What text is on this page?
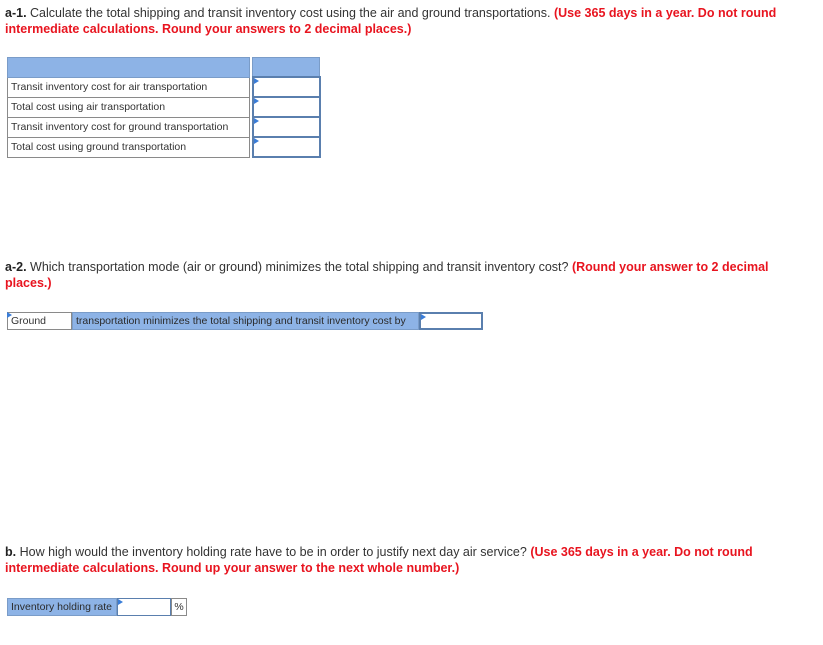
a-1. Calculate the total shipping and transit inventory cost using the air and ground transportations. (Use 365 days in a year. Do not round intermediate calculations. Round your answers to 2 decimal places.)

Transit inventory cost for air transportation		

Total cost using air transportation		

Transit inventory cost for ground transportation		

Total cost using ground transportation		
a-2. Which transportation mode (air or ground) minimizes the total shipping and transit inventory cost? (Round your answer to 2 decimal places.)
Ground	transportation minimizes the total shipping and transit inventory cost by
b. How high would the inventory holding rate have to be in order to justify next day air service? (Use 365 days in a year. Do not round intermediate calculations. Round up your answer to the next whole number.)
Inventory holding rate	%
